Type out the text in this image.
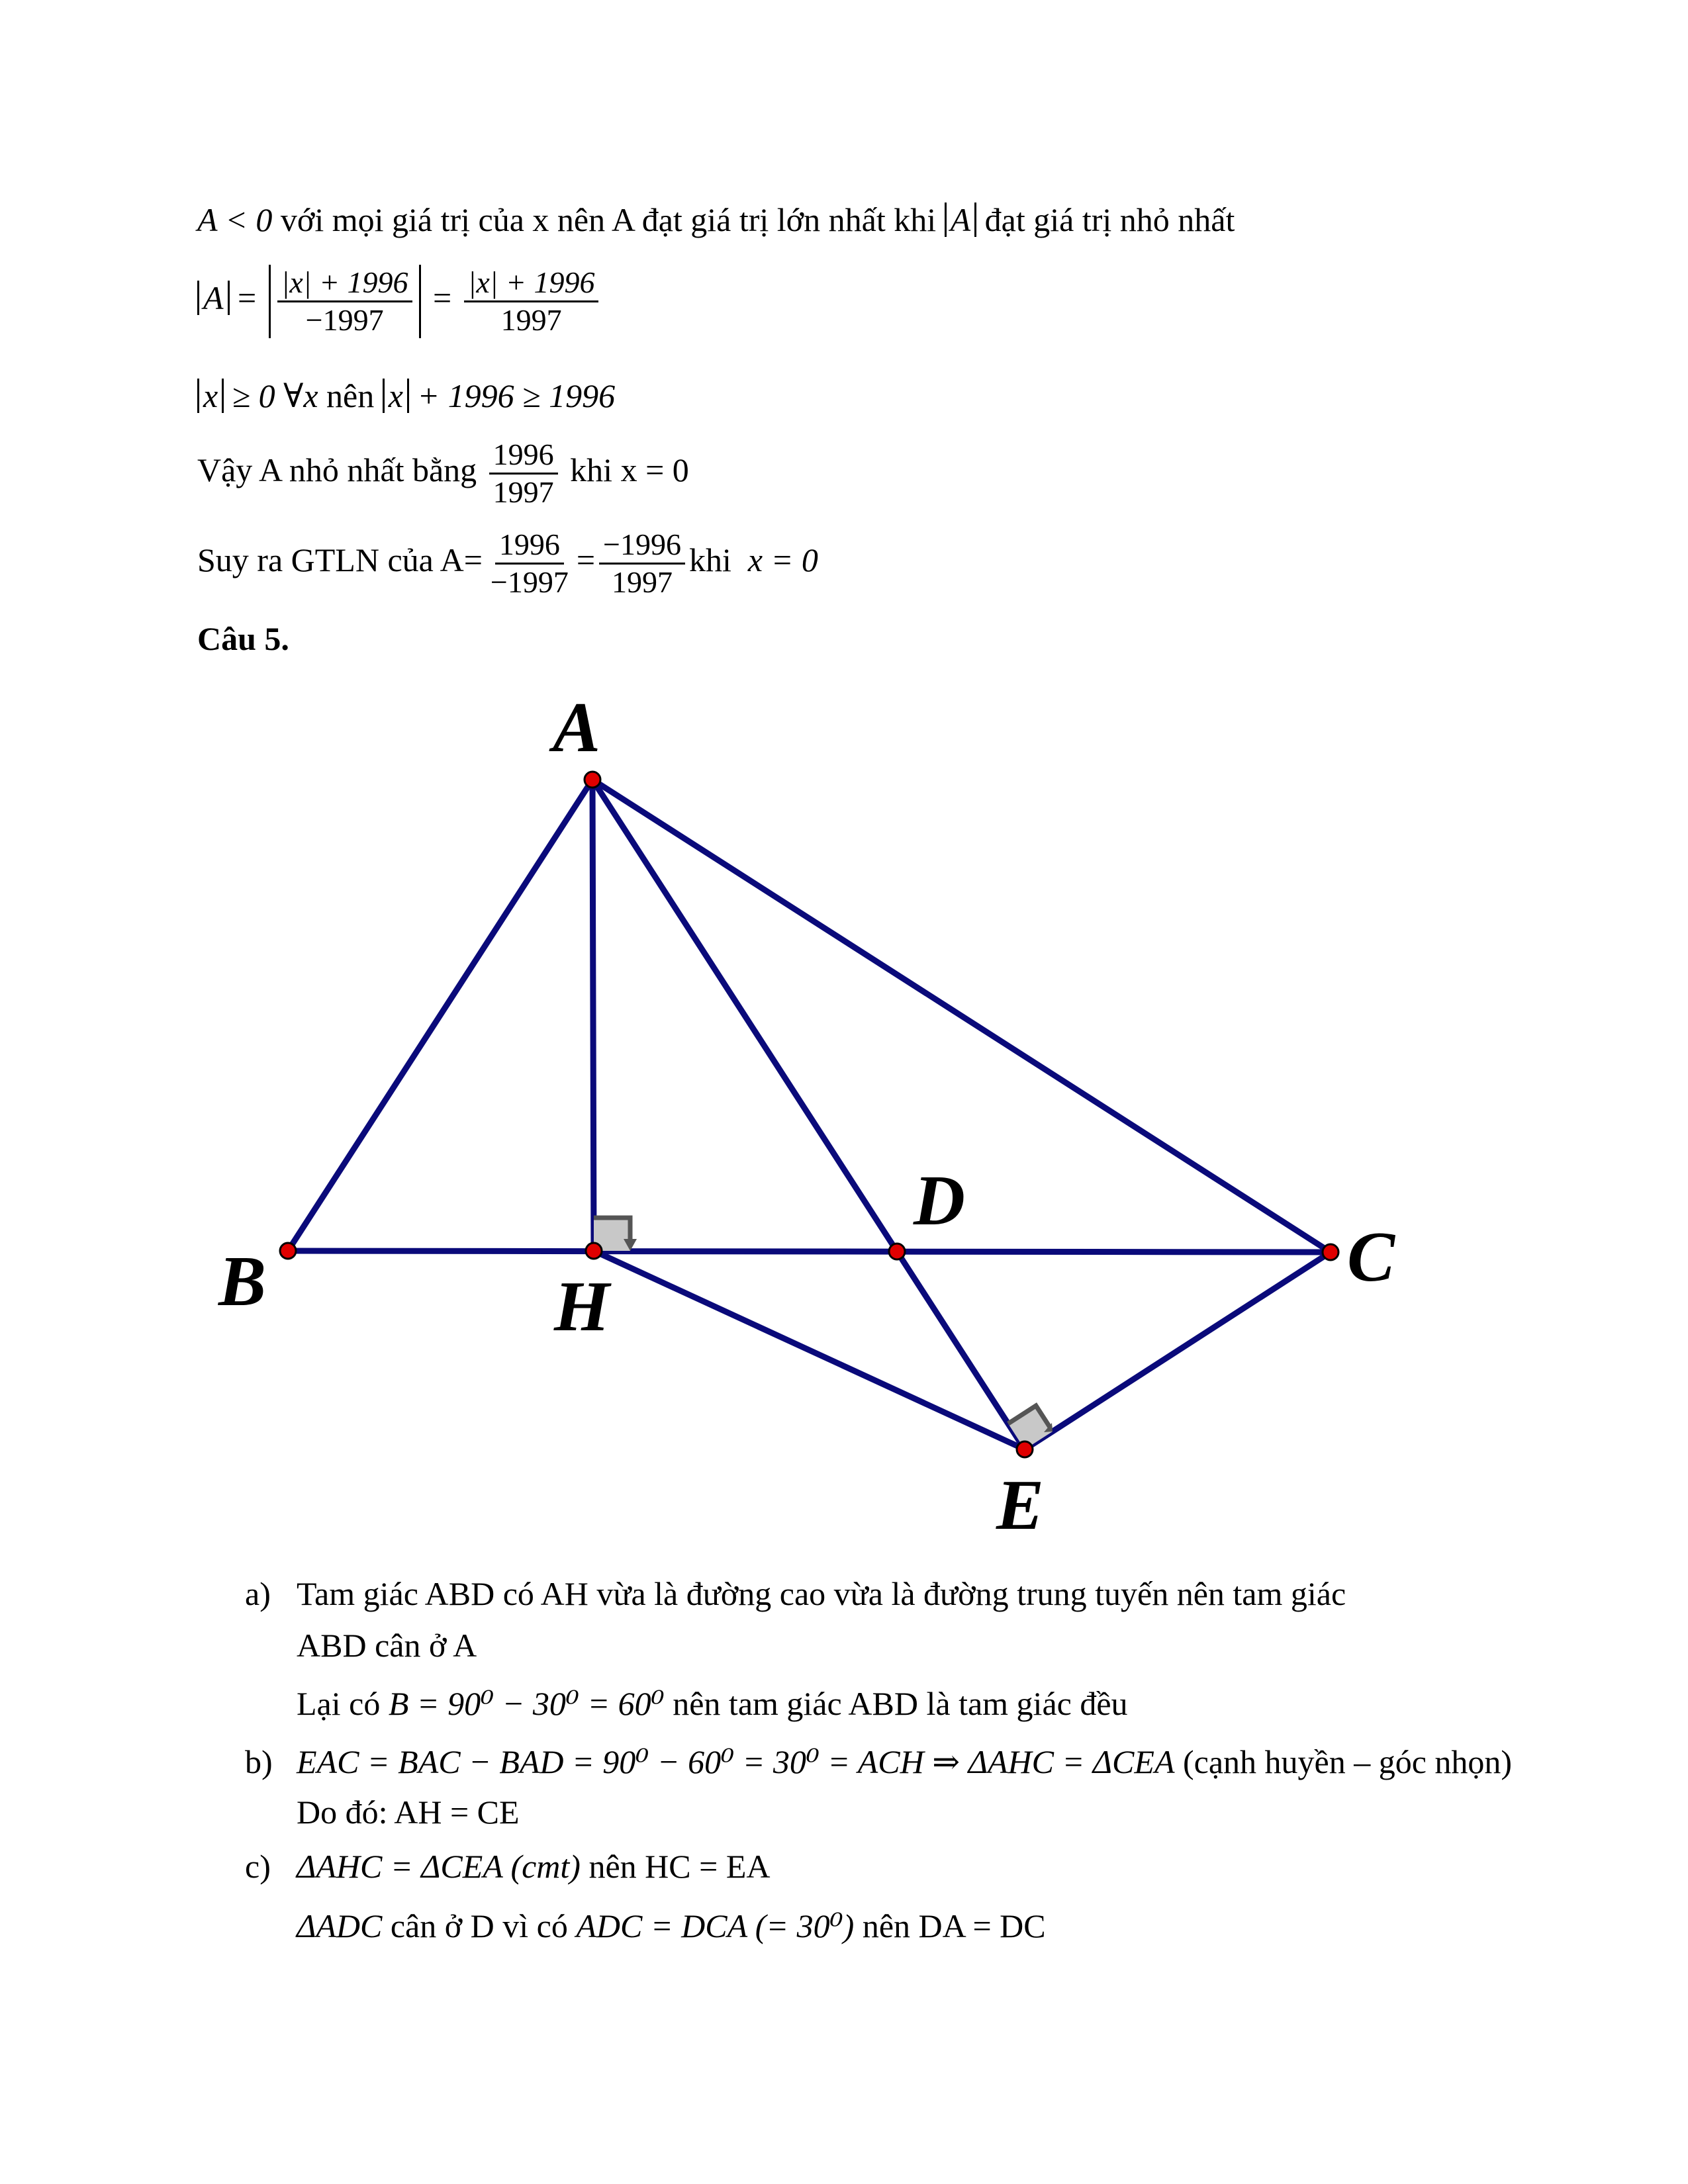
A < 0 với mọi giá trị của x nên A đạt giá trị lớn nhất khi A đạt giá trị nhỏ nhất
$A = \frac{|x| + 1996}{-1997} = \frac{|x| + 1996}{1997}$
x ≥ 0 ∀x nên x + 1996 ≥ 1996
Vậy A nhỏ nhất bằng $\frac{1996}{1997}$ khi x = 0
Suy ra GTLN của $A= \frac{1996}{-1997} = \frac{-1996}{1997}$ khi x = 0
Câu 5.
A
B	H
D
C
E
a) Tam giác ABD có AH vừa là đường cao vừa là đường trung tuyến nên tam giác
ABD cân ở A
Lại có B = 90⁰ − 30⁰ = 60⁰ nên tam giác ABD là tam giác đều
b) EAC = BAC − BAD = 90⁰ − 60⁰ = 30⁰ = ACH ⇒ ΔAHC = ΔCEA (cạnh huyền – góc nhọn)
Do đó: AH = CE
c) ΔAHC = ΔCEA (cmt) nên HC = EA
ΔADC cân ở D vì có ADC = DCA (= 30⁰) nên DA = DC
